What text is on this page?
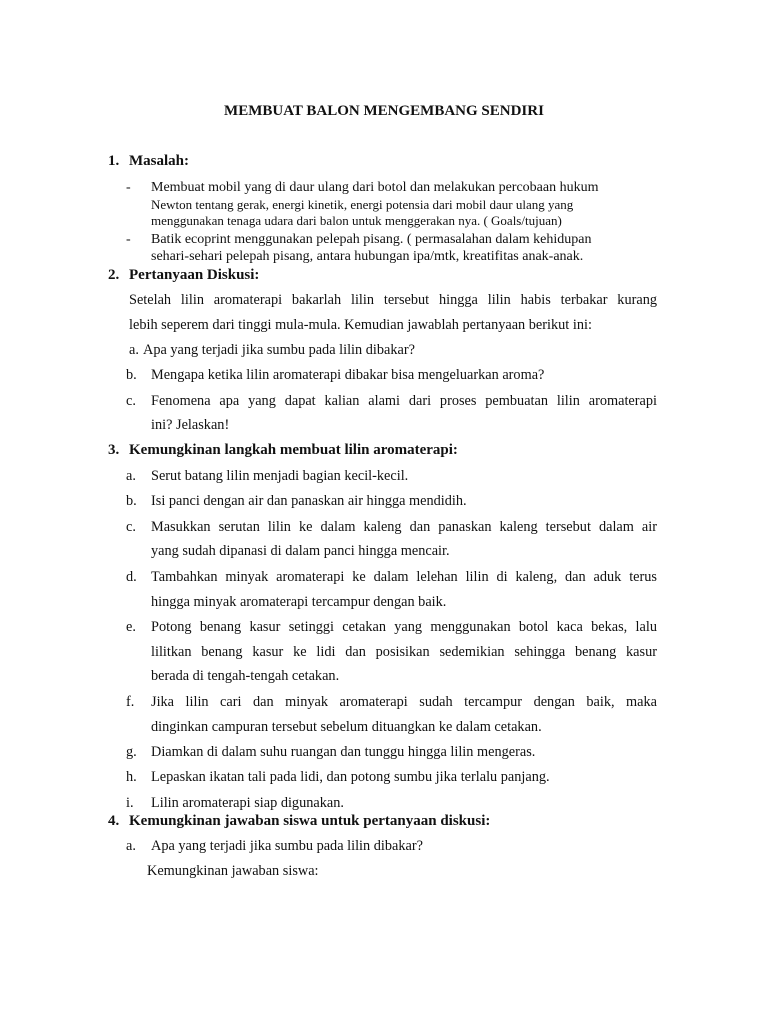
MEMBUAT BALON MENGEMBANG SENDIRI
1. Masalah:
- Membuat mobil yang di daur ulang dari botol dan melakukan percobaan hukum
Newton tentang gerak, energi kinetik, energi potensia dari mobil daur ulang yang
menggunakan tenaga udara dari balon untuk menggerakan nya. ( Goals/tujuan)
- Batik ecoprint menggunakan pelepah pisang. ( permasalahan dalam kehidupan
sehari-sehari pelepah pisang, antara hubungan ipa/mtk, kreatifitas anak-anak.
2. Pertanyaan Diskusi:
Setelah lilin aromaterapi bakarlah lilin tersebut hingga lilin habis terbakar kurang
lebih seperem dari tinggi mula-mula. Kemudian jawablah pertanyaan berikut ini:
a. Apa yang terjadi jika sumbu pada lilin dibakar?
b. Mengapa ketika lilin aromaterapi dibakar bisa mengeluarkan aroma?
c. Fenomena apa yang dapat kalian alami dari proses pembuatan lilin aromaterapi
ini? Jelaskan!
3. Kemungkinan langkah membuat lilin aromaterapi:
a. Serut batang lilin menjadi bagian kecil-kecil.
b. Isi panci dengan air dan panaskan air hingga mendidih.
c. Masukkan serutan lilin ke dalam kaleng dan panaskan kaleng tersebut dalam air
yang sudah dipanasi di dalam panci hingga mencair.
d. Tambahkan minyak aromaterapi ke dalam lelehan lilin di kaleng, dan aduk terus
hingga minyak aromaterapi tercampur dengan baik.
e. Potong benang kasur setinggi cetakan yang menggunakan botol kaca bekas, lalu
lilitkan benang kasur ke lidi dan posisikan sedemikian sehingga benang kasur
berada di tengah-tengah cetakan.
f. Jika lilin cari dan minyak aromaterapi sudah tercampur dengan baik, maka
dinginkan campuran tersebut sebelum dituangkan ke dalam cetakan.
g. Diamkan di dalam suhu ruangan dan tunggu hingga lilin mengeras.
h. Lepaskan ikatan tali pada lidi, dan potong sumbu jika terlalu panjang.
i. Lilin aromaterapi siap digunakan.
4. Kemungkinan jawaban siswa untuk pertanyaan diskusi:
a. Apa yang terjadi jika sumbu pada lilin dibakar?
Kemungkinan jawaban siswa:
